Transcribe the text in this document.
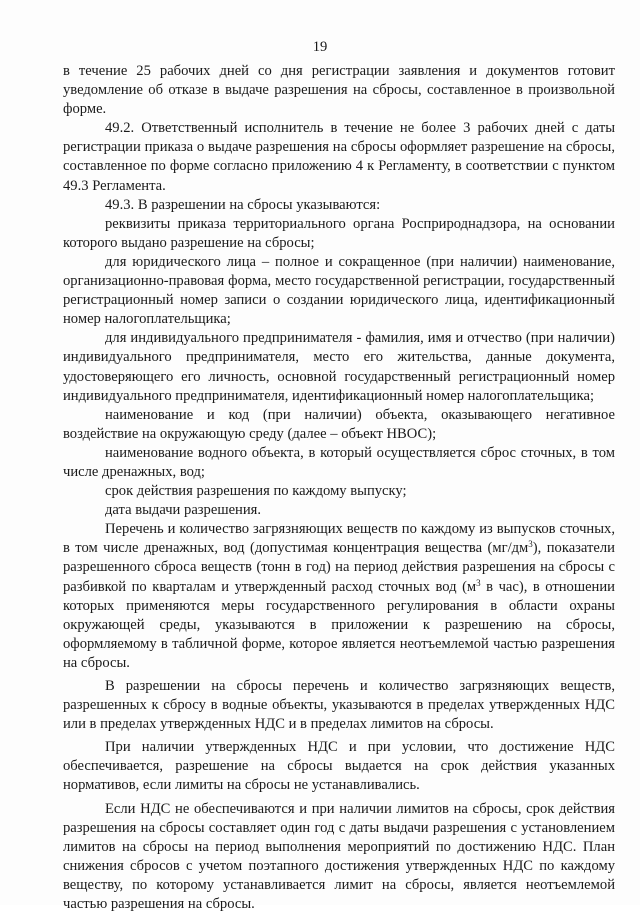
19

в течение 25 рабочих дней со дня регистрации заявления и документов готовит уведомление об отказе в выдаче разрешения на сбросы, составленное в произвольной форме.

49.2. Ответственный исполнитель в течение не более 3 рабочих дней с даты регистрации приказа о выдаче разрешения на сбросы оформляет разрешение на сбросы, составленное по форме согласно приложению 4 к Регламенту, в соответствии с пунктом 49.3 Регламента.

49.3. В разрешении на сбросы указываются:

реквизиты приказа территориального органа Росприроднадзора, на основании которого выдано разрешение на сбросы;

для юридического лица – полное и сокращенное (при наличии) наименование, организационно-правовая форма, место государственной регистрации, государственный регистрационный номер записи о создании юридического лица, идентификационный номер налогоплательщика;

для индивидуального предпринимателя - фамилия, имя и отчество (при наличии) индивидуального предпринимателя, место его жительства, данные документа, удостоверяющего его личность, основной государственный регистрационный номер индивидуального предпринимателя, идентификационный номер налогоплательщика;

наименование и код (при наличии) объекта, оказывающего негативное воздействие на окружающую среду (далее – объект НВОС);

наименование водного объекта, в который осуществляется сброс сточных, в том числе дренажных, вод;

срок действия разрешения по каждому выпуску;

дата выдачи разрешения.

Перечень и количество загрязняющих веществ по каждому из выпусков сточных, в том числе дренажных, вод (допустимая концентрация вещества $(мг/дм^3)$, показатели разрешенного сброса веществ (тонн в год) на период действия разрешения на сбросы с разбивкой по кварталам и утвержденный расход сточных вод ($м^3$ в час), в отношении которых применяются меры государственного регулирования в области охраны окружающей среды, указываются в приложении к разрешению на сбросы, оформляемому в табличной форме, которое является неотъемлемой частью разрешения на сбросы.

В разрешении на сбросы перечень и количество загрязняющих веществ, разрешенных к сбросу в водные объекты, указываются в пределах утвержденных НДС или в пределах утвержденных НДС и в пределах лимитов на сбросы.

При наличии утвержденных НДС и при условии, что достижение НДС обеспечивается, разрешение на сбросы выдается на срок действия указанных нормативов, если лимиты на сбросы не устанавливались.

Если НДС не обеспечиваются и при наличии лимитов на сбросы, срок действия разрешения на сбросы составляет один год с даты выдачи разрешения с установлением лимитов на сбросы на период выполнения мероприятий по достижению НДС. План снижения сбросов с учетом поэтапного достижения утвержденных НДС по каждому веществу, по которому устанавливается лимит на сбросы, является неотъемлемой частью разрешения на сбросы.
